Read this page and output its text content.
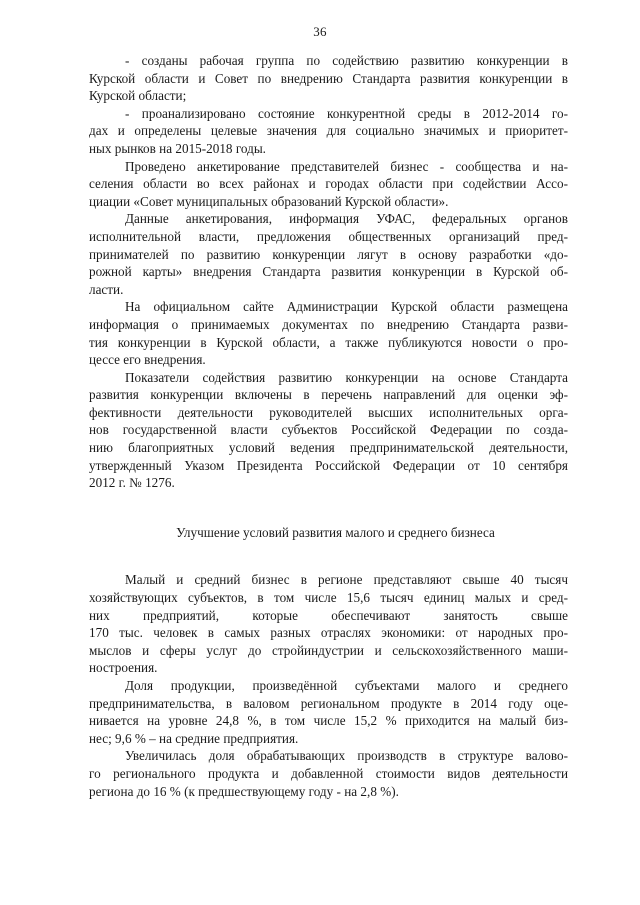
36
- созданы рабочая группа по содействию развитию конкуренции в
Курской области и Совет по внедрению Стандарта развития конкуренции в
Курской области;
- проанализировано состояние конкурентной среды в 2012-2014 го-
дах и определены целевые значения для социально значимых и приоритет-
ных рынков на 2015-2018 годы.
Проведено анкетирование представителей бизнес - сообщества и на-
селения области во всех районах и городах области при содействии Ассо-
циации «Совет муниципальных образований Курской области».
Данные анкетирования, информация УФАС, федеральных органов
исполнительной власти, предложения общественных организаций пред-
принимателей по развитию конкуренции лягут в основу разработки «до-
рожной карты» внедрения Стандарта развития конкуренции в Курской об-
ласти.
На официальном сайте Администрации Курской области размещена
информация о принимаемых документах по внедрению Стандарта разви-
тия конкуренции в Курской области, а также публикуются новости о про-
цессе его внедрения.
Показатели содействия развитию конкуренции на основе Стандарта
развития конкуренции включены в перечень направлений для оценки эф-
фективности деятельности руководителей высших исполнительных орга-
нов государственной власти субъектов Российской Федерации по созда-
нию благоприятных условий ведения предпринимательской деятельности,
утвержденный Указом Президента Российской Федерации от 10 сентября
2012 г. № 1276.
Улучшение условий развития малого и среднего бизнеса
Малый и средний бизнес в регионе представляют свыше 40 тысяч
хозяйствующих субъектов, в том числе 15,6 тысяч единиц малых и сред-
них предприятий, которые обеспечивают занятость свыше
170 тыс. человек в самых разных отраслях экономики: от народных про-
мыслов и сферы услуг до стройиндустрии и сельскохозяйственного маши-
ностроения.
Доля продукции, произведённой субъектами малого и среднего
предпринимательства, в валовом региональном продукте в 2014 году оце-
нивается на уровне 24,8 %, в том числе 15,2 % приходится на малый биз-
нес; 9,6 % – на средние предприятия.
Увеличилась доля обрабатывающих производств в структуре валово-
го регионального продукта и добавленной стоимости видов деятельности
региона до 16 % (к предшествующему году - на 2,8 %).
